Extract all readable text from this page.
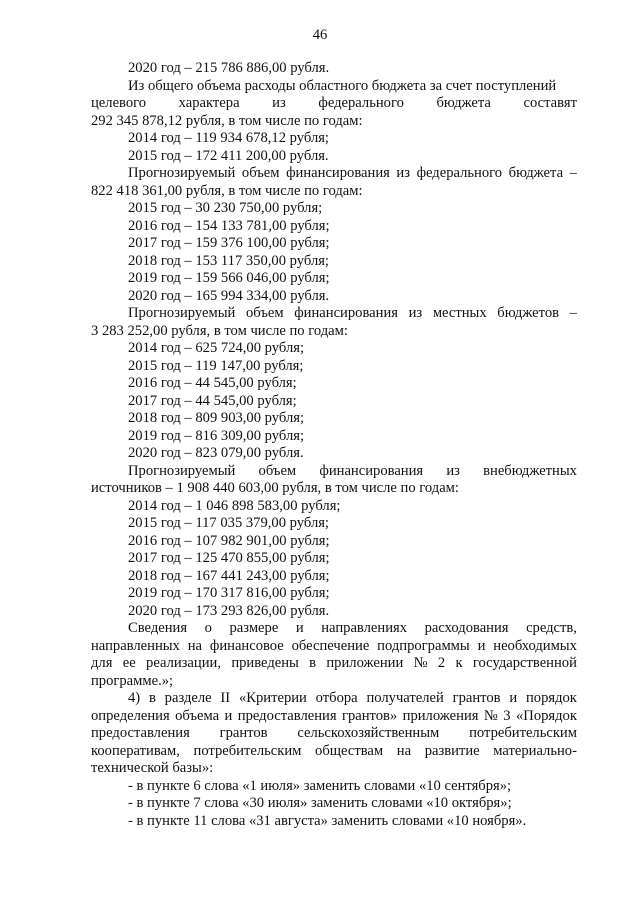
46
2020 год – 215 786 886,00 рубля.
Из общего объема расходы областного бюджета за счет поступлений
целевого характера из федерального бюджета составят
292 345 878,12 рубля, в том числе по годам:
2014 год – 119 934 678,12 рубля;
2015 год – 172 411 200,00 рубля.
Прогнозируемый объем финансирования из федерального бюджета –
822 418 361,00 рубля, в том числе по годам:
2015 год – 30 230 750,00 рубля;
2016 год – 154 133 781,00 рубля;
2017 год – 159 376 100,00 рубля;
2018 год – 153 117 350,00 рубля;
2019 год – 159 566 046,00 рубля;
2020 год – 165 994 334,00 рубля.
Прогнозируемый объем финансирования из местных бюджетов –
3 283 252,00 рубля, в том числе по годам:
2014 год – 625 724,00 рубля;
2015 год – 119 147,00 рубля;
2016 год – 44 545,00 рубля;
2017 год – 44 545,00 рубля;
2018 год – 809 903,00 рубля;
2019 год – 816 309,00 рубля;
2020 год – 823 079,00 рубля.
Прогнозируемый объем финансирования из внебюджетных
источников – 1 908 440 603,00 рубля, в том числе по годам:
2014 год – 1 046 898 583,00 рубля;
2015 год – 117 035 379,00 рубля;
2016 год – 107 982 901,00 рубля;
2017 год – 125 470 855,00 рубля;
2018 год – 167 441 243,00 рубля;
2019 год – 170 317 816,00 рубля;
2020 год – 173 293 826,00 рубля.
Сведения о размере и направлениях расходования средств,
направленных на финансовое обеспечение подпрограммы и необходимых
для ее реализации, приведены в приложении № 2 к государственной
программе.»;
4) в разделе II «Критерии отбора получателей грантов и порядок
определения объема и предоставления грантов» приложения № 3 «Порядок
предоставления грантов сельскохозяйственным потребительским
кооперативам, потребительским обществам на развитие материально-
технической базы»:
- в пункте 6 слова «1 июля» заменить словами «10 сентября»;
- в пункте 7 слова «30 июля» заменить словами «10 октября»;
- в пункте 11 слова «31 августа» заменить словами «10 ноября».
